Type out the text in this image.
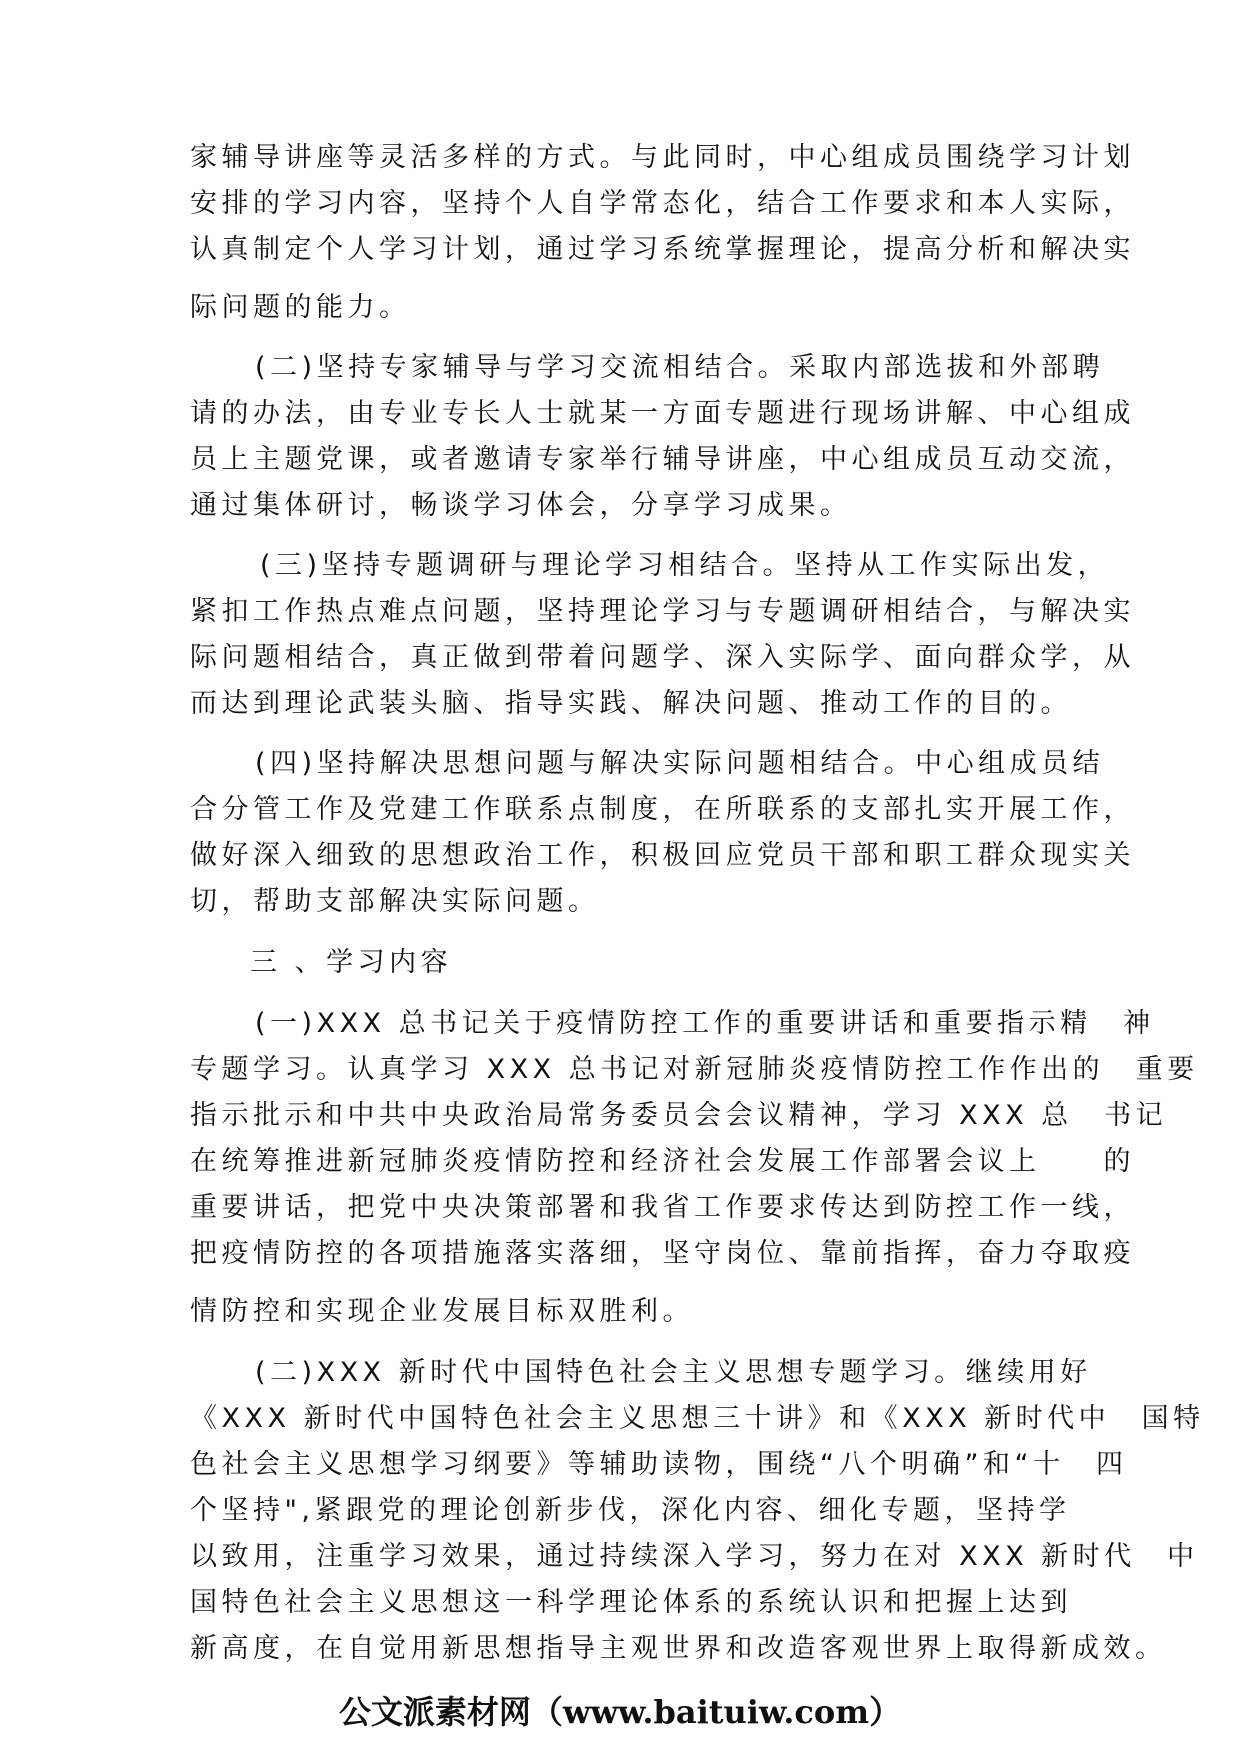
家辅导讲座等灵活多样的方式。与此同时，中心组成员围绕学习计划
安排的学习内容，坚持个人自学常态化，结合工作要求和本人实际，
认真制定个人学习计划，通过学习系统掌握理论，提高分析和解决实
际问题的能力。
(二)坚持专家辅导与学习交流相结合。采取内部选拔和外部聘
请的办法，由专业专长人士就某一方面专题进行现场讲解、中心组成
员上主题党课，或者邀请专家举行辅导讲座，中心组成员互动交流，
通过集体研讨，畅谈学习体会，分享学习成果。
(三)坚持专题调研与理论学习相结合。坚持从工作实际出发，
紧扣工作热点难点问题，坚持理论学习与专题调研相结合，与解决实
际问题相结合，真正做到带着问题学、深入实际学、面向群众学，从
而达到理论武装头脑、指导实践、解决问题、推动工作的目的。
(四)坚持解决思想问题与解决实际问题相结合。中心组成员结
合分管工作及党建工作联系点制度，在所联系的支部扎实开展工作，
做好深入细致的思想政治工作，积极回应党员干部和职工群众现实关
切，帮助支部解决实际问题。
三 、学习内容
(一)XXX 总书记关于疫情防控工作的重要讲话和重要指示精　神
专题学习。认真学习 XXX 总书记对新冠肺炎疫情防控工作作出的　重要
指示批示和中共中央政治局常务委员会会议精神，学习 XXX 总　书记
在统筹推进新冠肺炎疫情防控和经济社会发展工作部署会议上　　的
重要讲话，把党中央决策部署和我省工作要求传达到防控工作一线，
把疫情防控的各项措施落实落细，坚守岗位、靠前指挥，奋力夺取疫
情防控和实现企业发展目标双胜利。
(二)XXX 新时代中国特色社会主义思想专题学习。继续用好
《XXX 新时代中国特色社会主义思想三十讲》和《XXX 新时代中　国特
色社会主义思想学习纲要》等辅助读物，围绕“八个明确”和“十　四
个坚持",紧跟党的理论创新步伐，深化内容、细化专题，坚持学
以致用，注重学习效果，通过持续深入学习，努力在对 XXX 新时代　中
国特色社会主义思想这一科学理论体系的系统认识和把握上达到
新高度，在自觉用新思想指导主观世界和改造客观世界上取得新成效。
公文派素材网（www.baituiw.com）
